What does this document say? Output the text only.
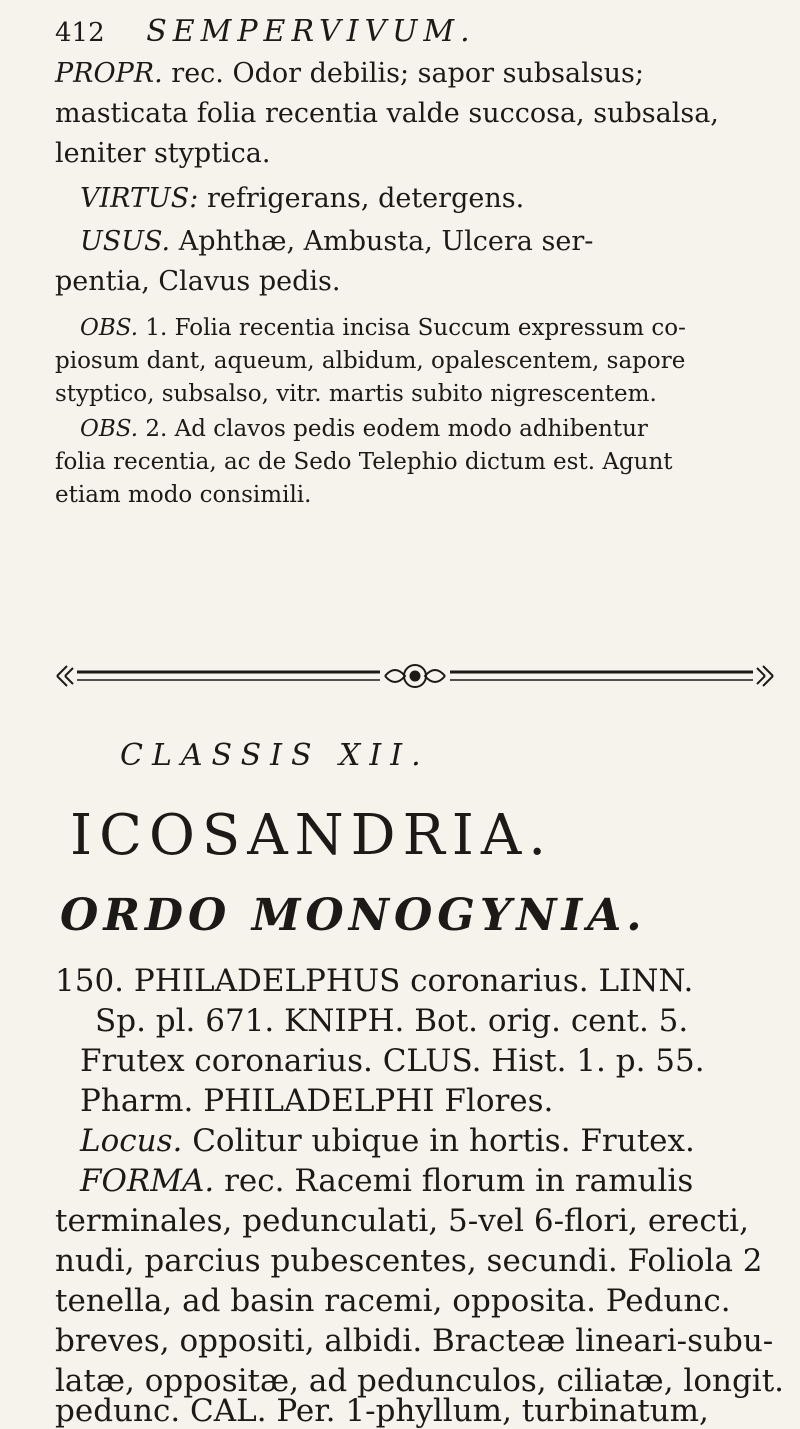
412 SEMPERVIVUM.
PROPR. rec. Odor debilis; sapor subsalsus;
masticata folia recentia valde succosa, subsalsa,
leniter styptica.
VIRTUS: refrigerans, detergens.
USUS. Aphthæ, Ambusta, Ulcera ser-
pentia, Clavus pedis.
OBS. 1. Folia recentia incisa Succum expressum co-
piosum dant, aqueum, albidum, opalescentem, sapore
styptico, subsalso, vitr. martis subito nigrescentem.
OBS. 2. Ad clavos pedis eodem modo adhibentur
folia recentia, ac de Sedo Telephio dictum est. Agunt
etiam modo consimili.
CLASSIS XII.
ICOSANDRIA.
ORDO MONOGYNIA.
150. PHILADELPHUS coronarius. LINN.
Sp. pl. 671. KNIPH. Bot. orig. cent. 5.
Frutex coronarius. CLUS. Hist. 1. p. 55.
Pharm. PHILADELPHI Flores.
Locus. Colitur ubique in hortis. Frutex.
FORMA. rec. Racemi florum in ramulis
terminales, pedunculati, 5-vel 6-flori, erecti,
nudi, parcius pubescentes, secundi. Foliola 2
tenella, ad basin racemi, opposita. Pedunc.
breves, oppositi, albidi. Bracteæ lineari-subu-
latæ, oppositæ, ad pedunculos, ciliatæ, longit.
pedunc. CAL. Per. 1-phyllum, turbinatum,
